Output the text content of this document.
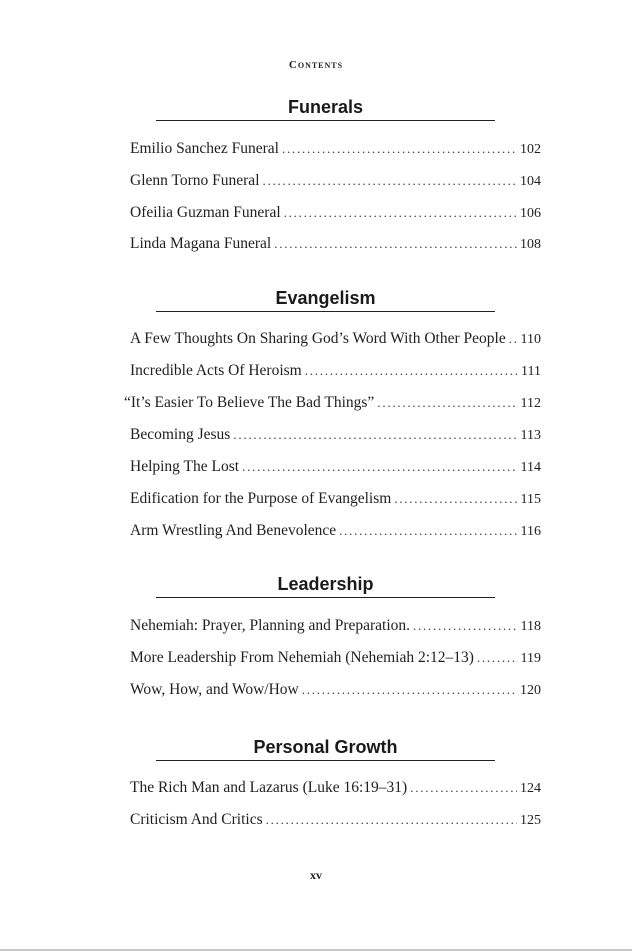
Contents
Funerals
Emilio Sanchez Funeral . . .	102
Glenn Torno Funeral . . .	104
Ofeilia Guzman Funeral . . .	106
Linda Magana Funeral . . .	108
Evangelism
A Few Thoughts On Sharing God’s Word With Other People . . . 110
Incredible Acts Of Heroism . . .	111
“It’s Easier To Believe The Bad Things” . . .	112
Becoming Jesus . . .	113
Helping The Lost . . .	114
Edification for the Purpose of Evangelism . . .	115
Arm Wrestling And Benevolence . . .	116
Leadership
Nehemiah: Prayer, Planning and Preparation. . . .	118
More Leadership From Nehemiah (Nehemiah 2:12–13) . . .	119
Wow, How, and Wow/How . . .	120
Personal Growth
The Rich Man and Lazarus (Luke 16:19–31) . . .	124
Criticism And Critics . . .	125
xv
